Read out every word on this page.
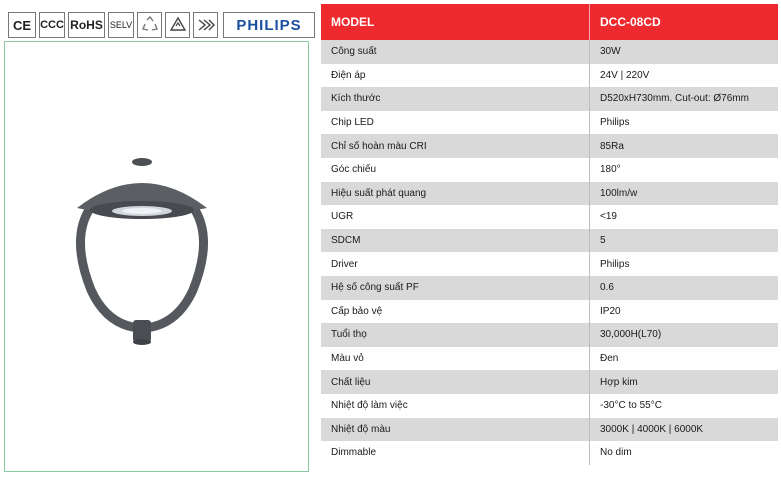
CE CCC RoHS SELV	PHILIPS	MODEL	DCC-08CD
Công suất	30W
Điện áp	24V | 220V
Kích thước	D520xH730mm. Cut-out: Ø76mm
Chip LED	Philips
Chỉ số hoàn màu CRI	85Ra
Góc chiếu	180°
Hiệu suất phát quang	100lm/w
UGR	<19
SDCM	5
Driver	Philips
Hệ số công suất PF	0.6
Cấp bảo vệ	IP20
Tuổi thọ	30,000H(L70)
Màu vỏ	Đen
Chất liệu	Hợp kim
Nhiệt độ làm việc	-30°C to 55°C
Nhiệt độ màu	3000K | 4000K | 6000K
Dimmable	No dim
